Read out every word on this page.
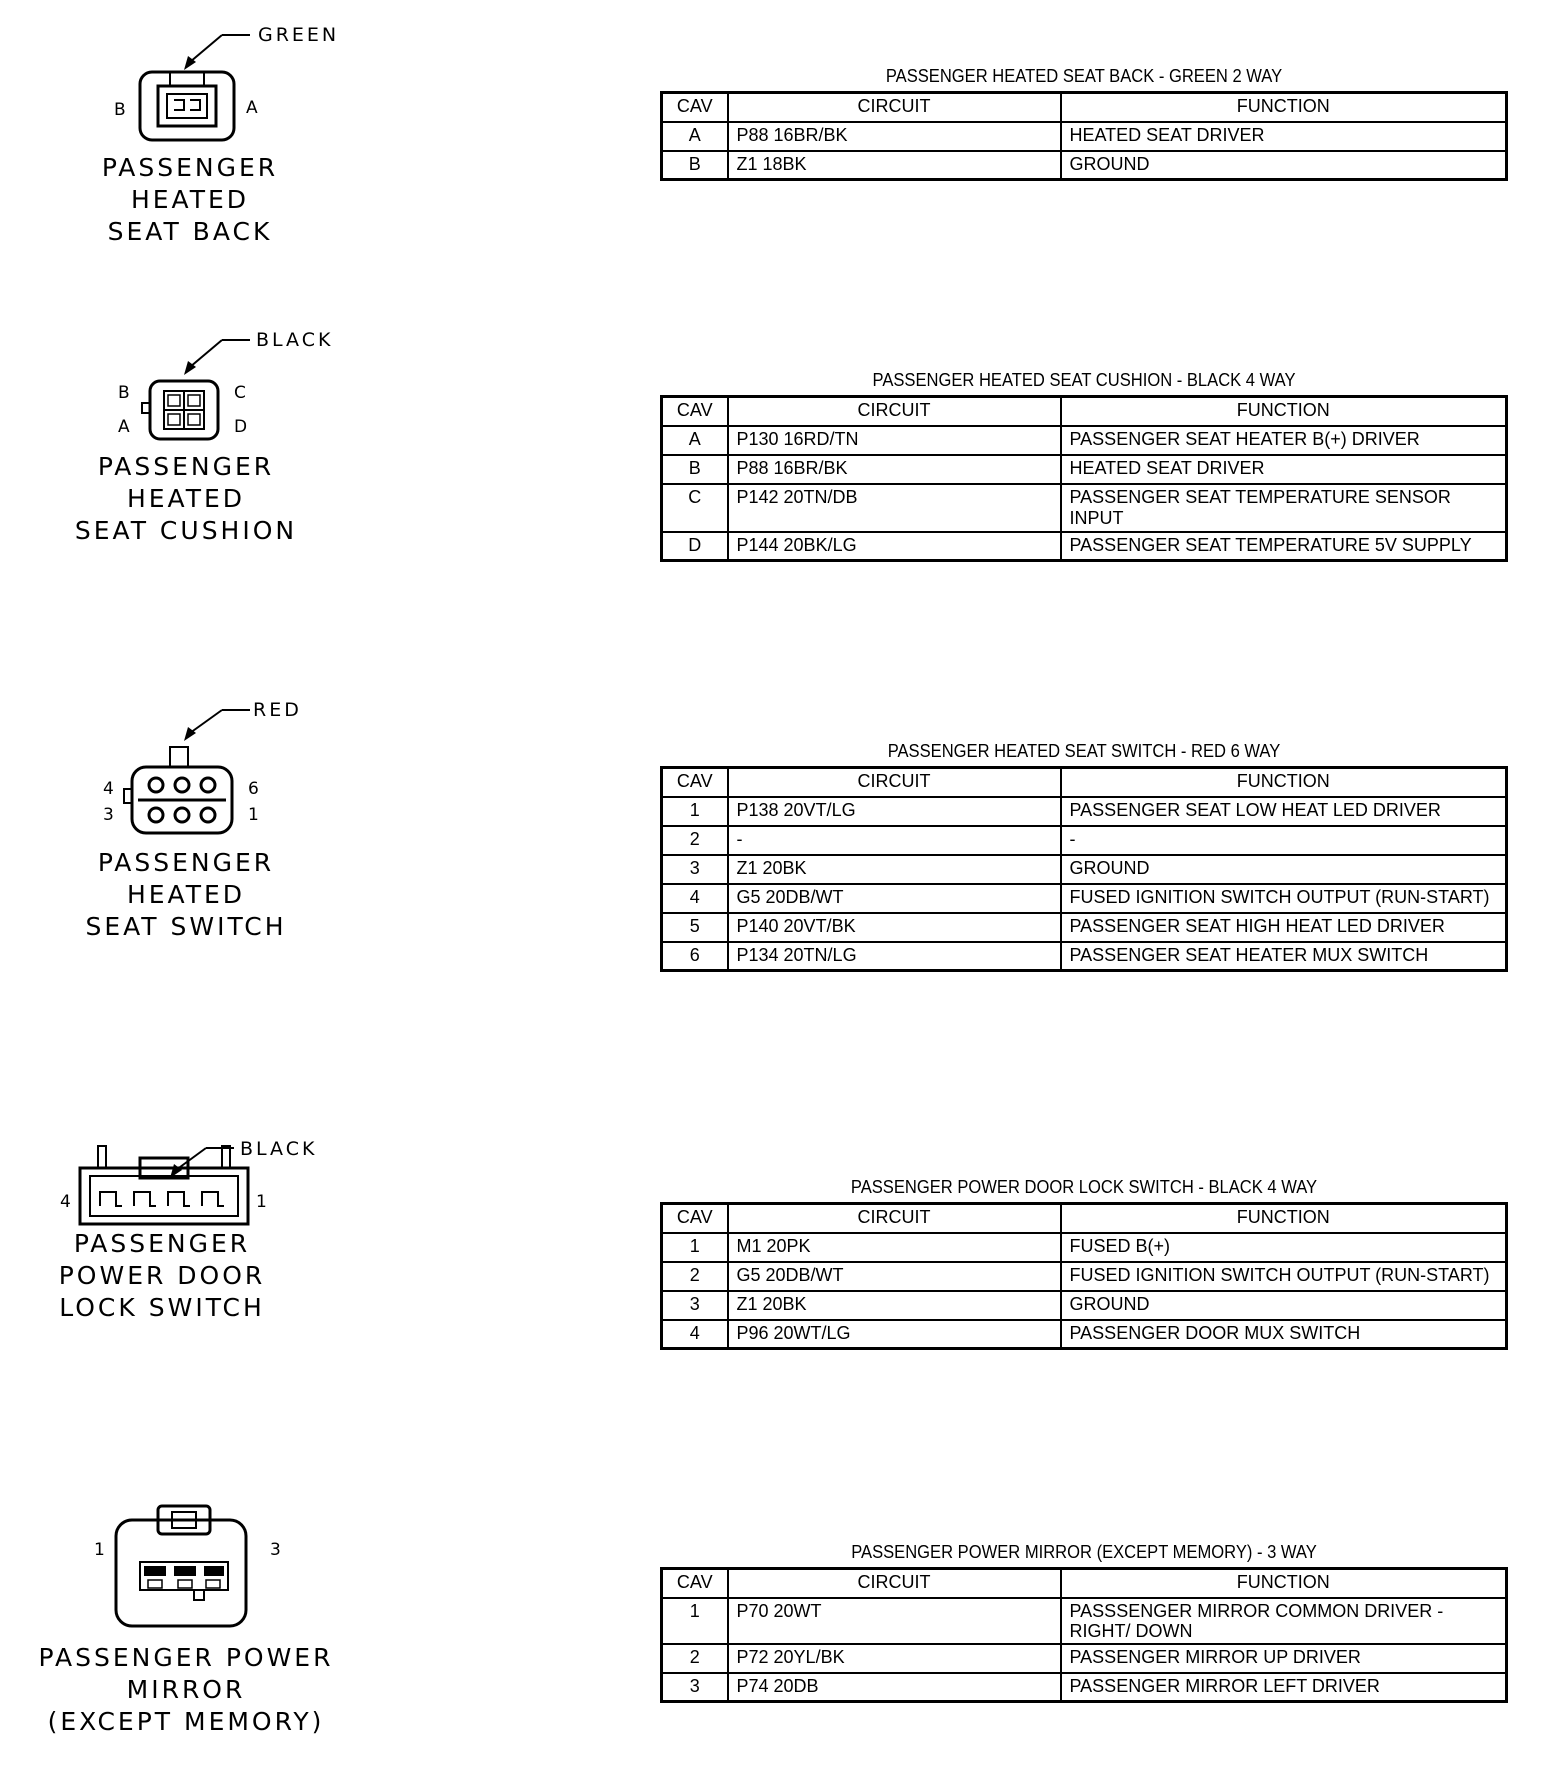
GREEN
B	A
PASSENGER HEATED
SEAT BACK
PASSENGER HEATED SEAT BACK - GREEN 2 WAY
CAV	CIRCUIT	FUNCTION
A	P88 16BR/BK	HEATED SEAT DRIVER
B	Z1 18BK	GROUND
BLACK
B	C
A	D
PASSENGER HEATED
SEAT CUSHION
PASSENGER HEATED SEAT CUSHION - BLACK 4 WAY
CAV	CIRCUIT	FUNCTION
A	P130 16RD/TN	PASSENGER SEAT HEATER B(+) DRIVER
B	P88 16BR/BK	HEATED SEAT DRIVER
C	P142 20TN/DB	PASSENGER SEAT TEMPERATURE SENSOR INPUT
D	P144 20BK/LG	PASSENGER SEAT TEMPERATURE 5V SUPPLY
RED
4	6
3	1
PASSENGER HEATED
SEAT SWITCH
PASSENGER HEATED SEAT SWITCH - RED 6 WAY
CAV	CIRCUIT	FUNCTION
1	P138 20VT/LG	PASSENGER SEAT LOW HEAT LED DRIVER
2	-	-
3	Z1 20BK	GROUND
4	G5 20DB/WT	FUSED IGNITION SWITCH OUTPUT (RUN-START)
5	P140 20VT/BK	PASSENGER SEAT HIGH HEAT LED DRIVER
6	P134 20TN/LG	PASSENGER SEAT HEATER MUX SWITCH
BLACK
4	1
PASSENGER
POWER DOOR
LOCK SWITCH
PASSENGER POWER DOOR LOCK SWITCH - BLACK 4 WAY
CAV	CIRCUIT	FUNCTION
1	M1 20PK	FUSED B(+)
2	G5 20DB/WT	FUSED IGNITION SWITCH OUTPUT (RUN-START)
3	Z1 20BK	GROUND
4	P96 20WT/LG	PASSENGER DOOR MUX SWITCH
1	3
PASSENGER POWER
MIRROR
(EXCEPT MEMORY)
PASSENGER POWER MIRROR (EXCEPT MEMORY) - 3 WAY
CAV	CIRCUIT	FUNCTION
1	P70 20WT	PASSSENGER MIRROR COMMON DRIVER - RIGHT/ DOWN
2	P72 20YL/BK	PASSENGER MIRROR UP DRIVER
3	P74 20DB	PASSENGER MIRROR LEFT DRIVER
